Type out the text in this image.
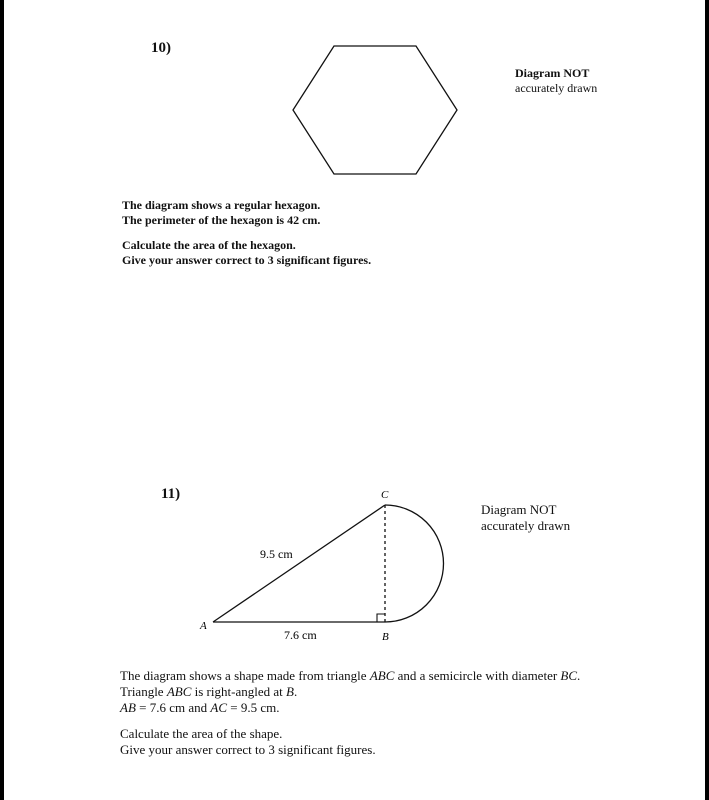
10)
Diagram NOT
accurately drawn

The diagram shows a regular hexagon.

The perimeter of the hexagon is 42 cm.

Calculate the area of the hexagon.

Give your answer correct to 3 significant figures.

11)	C
A
B
9.5 cm
7.6 cm
Diagram NOT
accurately drawn

The diagram shows a shape made from triangle ABC and a semicircle with diameter BC.

Triangle ABC is right-angled at B.

AB = 7.6 cm and AC = 9.5 cm.

Calculate the area of the shape.

Give your answer correct to 3 significant figures.
